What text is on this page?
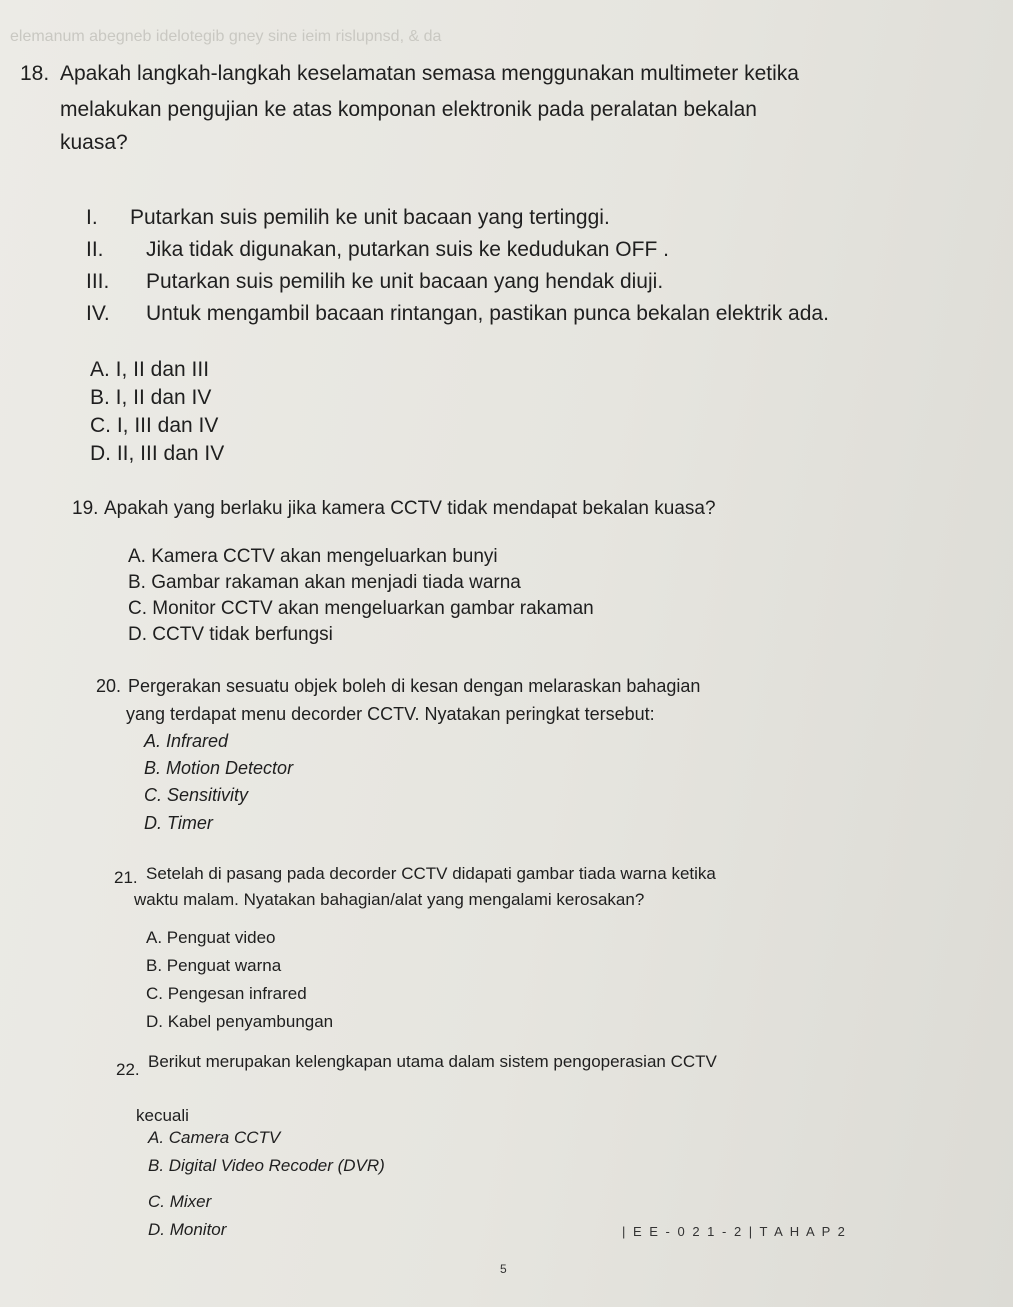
elemanum abegneb idelotegib gney sine ieim rislupnsd, & da
18. Apakah langkah-langkah keselamatan semasa menggunakan multimeter ketika
melakukan pengujian ke atas komponan elektronik pada peralatan bekalan
kuasa?
I. Putarkan suis pemilih ke unit bacaan yang tertinggi.
II. Jika tidak digunakan, putarkan suis ke kedudukan OFF .
III. Putarkan suis pemilih ke unit bacaan yang hendak diuji.
IV. Untuk mengambil bacaan rintangan, pastikan punca bekalan elektrik ada.
A. I, II dan III
B. I, II dan IV
C. I, III dan IV
D. II, III dan IV
19. Apakah yang berlaku jika kamera CCTV tidak mendapat bekalan kuasa?
A. Kamera CCTV akan mengeluarkan bunyi
B. Gambar rakaman akan menjadi tiada warna
C. Monitor CCTV akan mengeluarkan gambar rakaman
D. CCTV tidak berfungsi
20. Pergerakan sesuatu objek boleh di kesan dengan melaraskan bahagian
yang terdapat menu decorder CCTV. Nyatakan peringkat tersebut:
A. Infrared
B. Motion Detector
C. Sensitivity
D. Timer
21. Setelah di pasang pada decorder CCTV didapati gambar tiada warna ketika
waktu malam. Nyatakan bahagian/alat yang mengalami kerosakan?
A. Penguat video
B. Penguat warna
C. Pengesan infrared
D. Kabel penyambungan
22. Berikut merupakan kelengkapan utama dalam sistem pengoperasian CCTV
kecuali
A. Camera CCTV
B. Digital Video Recoder (DVR)
C. Mixer
D. Monitor	| E E - 0 2 1 - 2 | T A H A P 2
5
